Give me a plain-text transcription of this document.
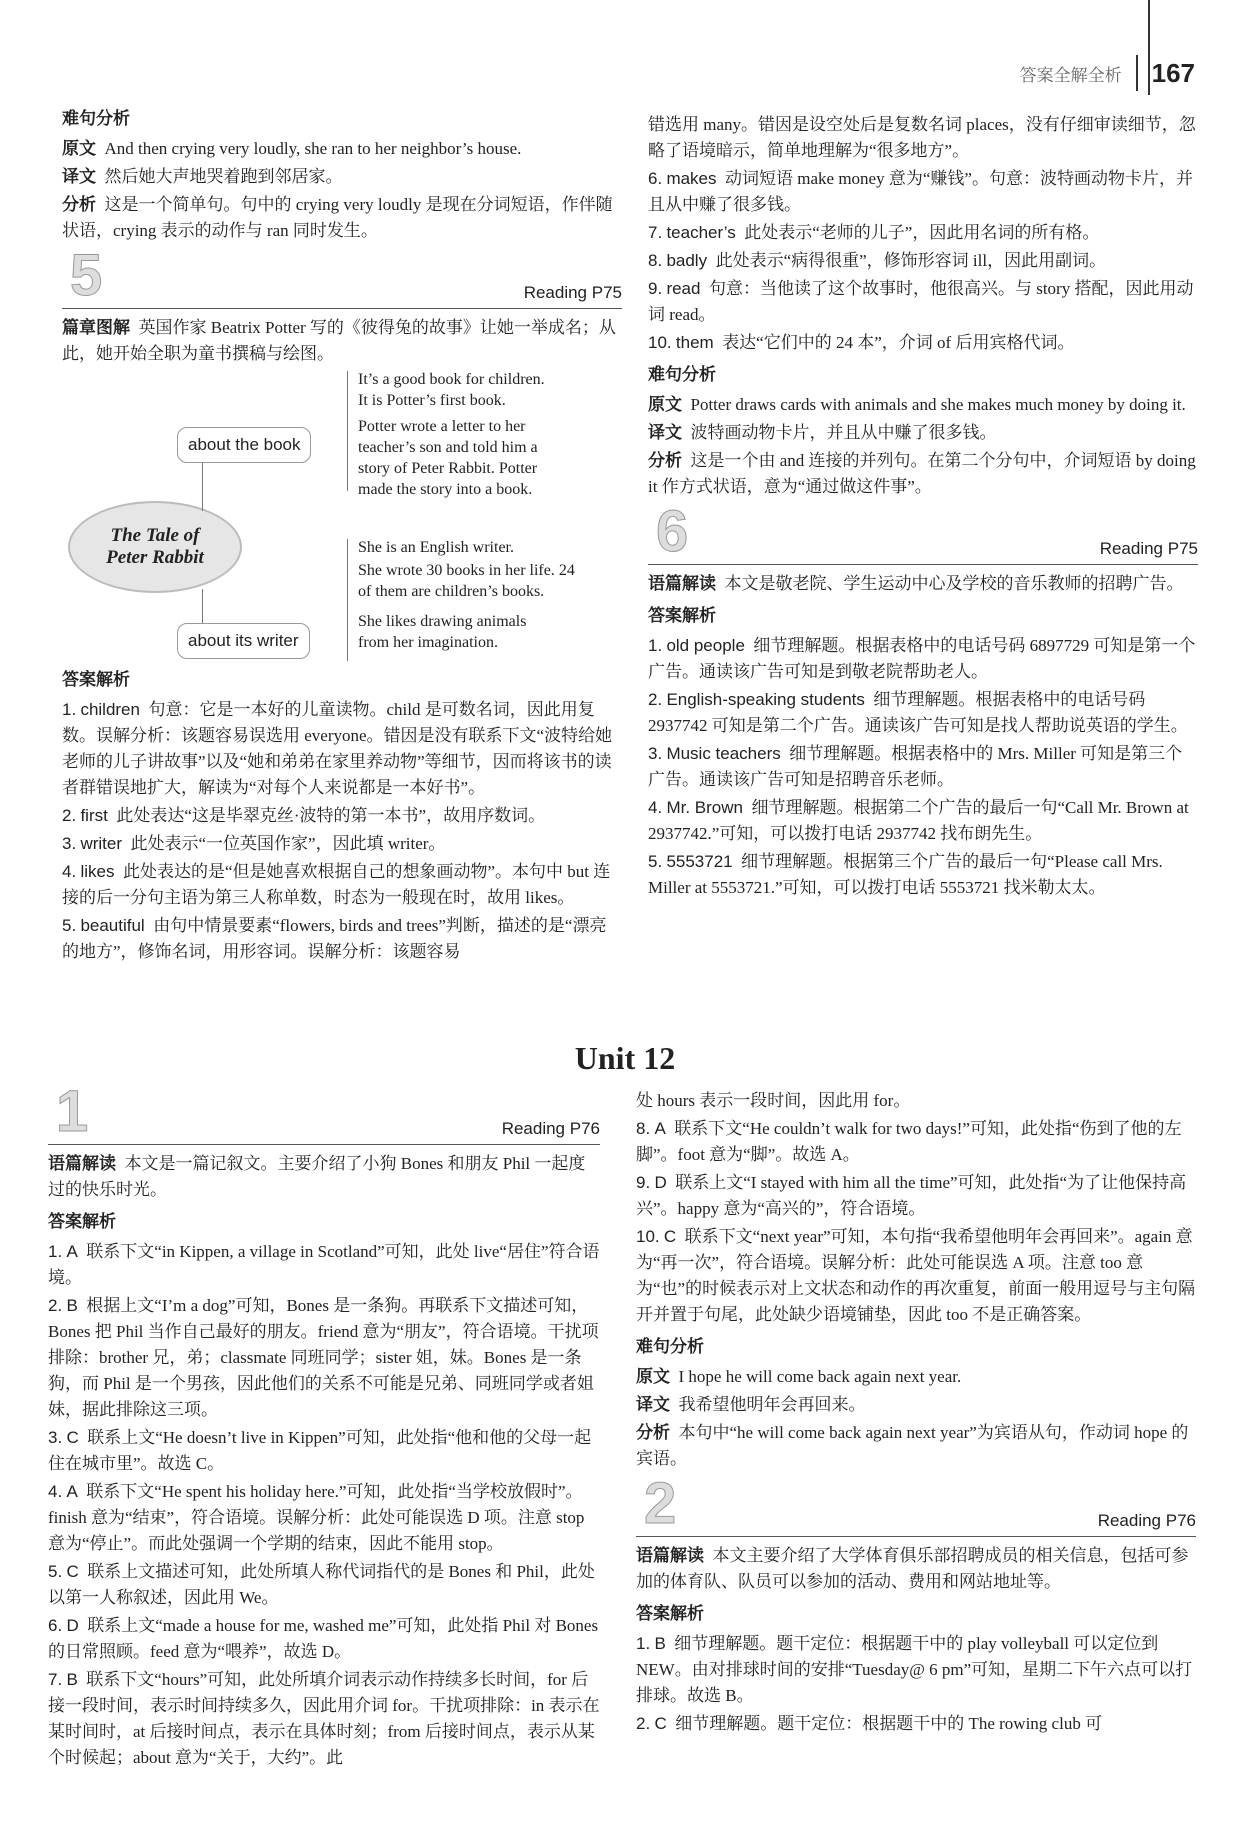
答案全解全析 167
难句分析

原文 And then crying very loudly, she ran to her neighbor’s house.

译文 然后她大声地哭着跑到邻居家。

分析 这是一个简单句。句中的 crying very loudly 是现在分词短语，作伴随状语，crying 表示的动作与 ran 同时发生。

5	Reading P75

篇章图解 英国作家 Beatrix Potter 写的《彼得兔的故事》让她一举成名；从此，她开始全职为童书撰稿与绘图。

The Tale of
Peter Rabbit
about the book
about its writer
It’s a good book for children.
It is Potter’s first book.
Potter wrote a letter to her teacher’s son and told him a story of Peter Rabbit. Potter made the story into a book.
She is an English writer.
She wrote 30 books in her life. 24 of them are children’s books.
She likes drawing animals from her imagination.
答案解析

1. children 句意：它是一本好的儿童读物。child 是可数名词，因此用复数。误解分析：该题容易误选用 everyone。错因是没有联系下文“波特给她老师的儿子讲故事”以及“她和弟弟在家里养动物”等细节，因而将该书的读者群错误地扩大，解读为“对每个人来说都是一本好书”。

2. first 此处表达“这是毕翠克丝·波特的第一本书”，故用序数词。

3. writer 此处表示“一位英国作家”，因此填 writer。

4. likes 此处表达的是“但是她喜欢根据自己的想象画动物”。本句中 but 连接的后一分句主语为第三人称单数，时态为一般现在时，故用 likes。

5. beautiful 由句中情景要素“flowers, birds and trees”判断，描述的是“漂亮的地方”，修饰名词，用形容词。误解分析：该题容易

错选用 many。错因是设空处后是复数名词 places，没有仔细审读细节，忽略了语境暗示，简单地理解为“很多地方”。

6. makes 动词短语 make money 意为“赚钱”。句意：波特画动物卡片，并且从中赚了很多钱。

7. teacher’s 此处表示“老师的儿子”，因此用名词的所有格。

8. badly 此处表示“病得很重”，修饰形容词 ill，因此用副词。

9. read 句意：当他读了这个故事时，他很高兴。与 story 搭配，因此用动词 read。

10. them 表达“它们中的 24 本”，介词 of 后用宾格代词。

难句分析

原文 Potter draws cards with animals and she makes much money by doing it.

译文 波特画动物卡片，并且从中赚了很多钱。

分析 这是一个由 and 连接的并列句。在第二个分句中，介词短语 by doing it 作方式状语，意为“通过做这件事”。

6	Reading P75

语篇解读 本文是敬老院、学生运动中心及学校的音乐教师的招聘广告。

答案解析

1. old people 细节理解题。根据表格中的电话号码 6897729 可知是第一个广告。通读该广告可知是到敬老院帮助老人。

2. English-speaking students 细节理解题。根据表格中的电话号码 2937742 可知是第二个广告。通读该广告可知是找人帮助说英语的学生。

3. Music teachers 细节理解题。根据表格中的 Mrs. Miller 可知是第三个广告。通读该广告可知是招聘音乐老师。

4. Mr. Brown 细节理解题。根据第二个广告的最后一句“Call Mr. Brown at 2937742.”可知，可以拨打电话 2937742 找布朗先生。

5. 5553721 细节理解题。根据第三个广告的最后一句“Please call Mrs. Miller at 5553721.”可知，可以拨打电话 5553721 找米勒太太。

Unit 12
1	Reading P76

语篇解读 本文是一篇记叙文。主要介绍了小狗 Bones 和朋友 Phil 一起度过的快乐时光。

答案解析

1. A 联系下文“in Kippen, a village in Scotland”可知，此处 live“居住”符合语境。

2. B 根据上文“I’m a dog”可知，Bones 是一条狗。再联系下文描述可知，Bones 把 Phil 当作自己最好的朋友。friend 意为“朋友”，符合语境。干扰项排除：brother 兄，弟；classmate 同班同学；sister 姐，妹。Bones 是一条狗，而 Phil 是一个男孩，因此他们的关系不可能是兄弟、同班同学或者姐妹，据此排除这三项。

3. C 联系上文“He doesn’t live in Kippen”可知，此处指“他和他的父母一起住在城市里”。故选 C。

4. A 联系下文“He spent his holiday here.”可知，此处指“当学校放假时”。finish 意为“结束”，符合语境。误解分析：此处可能误选 D 项。注意 stop 意为“停止”。而此处强调一个学期的结束，因此不能用 stop。

5. C 联系上文描述可知，此处所填人称代词指代的是 Bones 和 Phil，此处以第一人称叙述，因此用 We。

6. D 联系上文“made a house for me, washed me”可知，此处指 Phil 对 Bones 的日常照顾。feed 意为“喂养”，故选 D。

7. B 联系下文“hours”可知，此处所填介词表示动作持续多长时间，for 后接一段时间，表示时间持续多久，因此用介词 for。干扰项排除：in 表示在某时间时，at 后接时间点，表示在具体时刻；from 后接时间点，表示从某个时候起；about 意为“关于，大约”。此

处 hours 表示一段时间，因此用 for。

8. A 联系下文“He couldn’t walk for two days!”可知，此处指“伤到了他的左脚”。foot 意为“脚”。故选 A。

9. D 联系上文“I stayed with him all the time”可知，此处指“为了让他保持高兴”。happy 意为“高兴的”，符合语境。

10. C 联系下文“next year”可知，本句指“我希望他明年会再回来”。again 意为“再一次”，符合语境。误解分析：此处可能误选 A 项。注意 too 意为“也”的时候表示对上文状态和动作的再次重复，前面一般用逗号与主句隔开并置于句尾，此处缺少语境铺垫，因此 too 不是正确答案。

难句分析

原文 I hope he will come back again next year.

译文 我希望他明年会再回来。

分析 本句中“he will come back again next year”为宾语从句，作动词 hope 的宾语。

2	Reading P76

语篇解读 本文主要介绍了大学体育俱乐部招聘成员的相关信息，包括可参加的体育队、队员可以参加的活动、费用和网站地址等。

答案解析

1. B 细节理解题。题干定位：根据题干中的 play volleyball 可以定位到 NEW。由对排球时间的安排“Tuesday@ 6 pm”可知，星期二下午六点可以打排球。故选 B。

2. C 细节理解题。题干定位：根据题干中的 The rowing club 可
